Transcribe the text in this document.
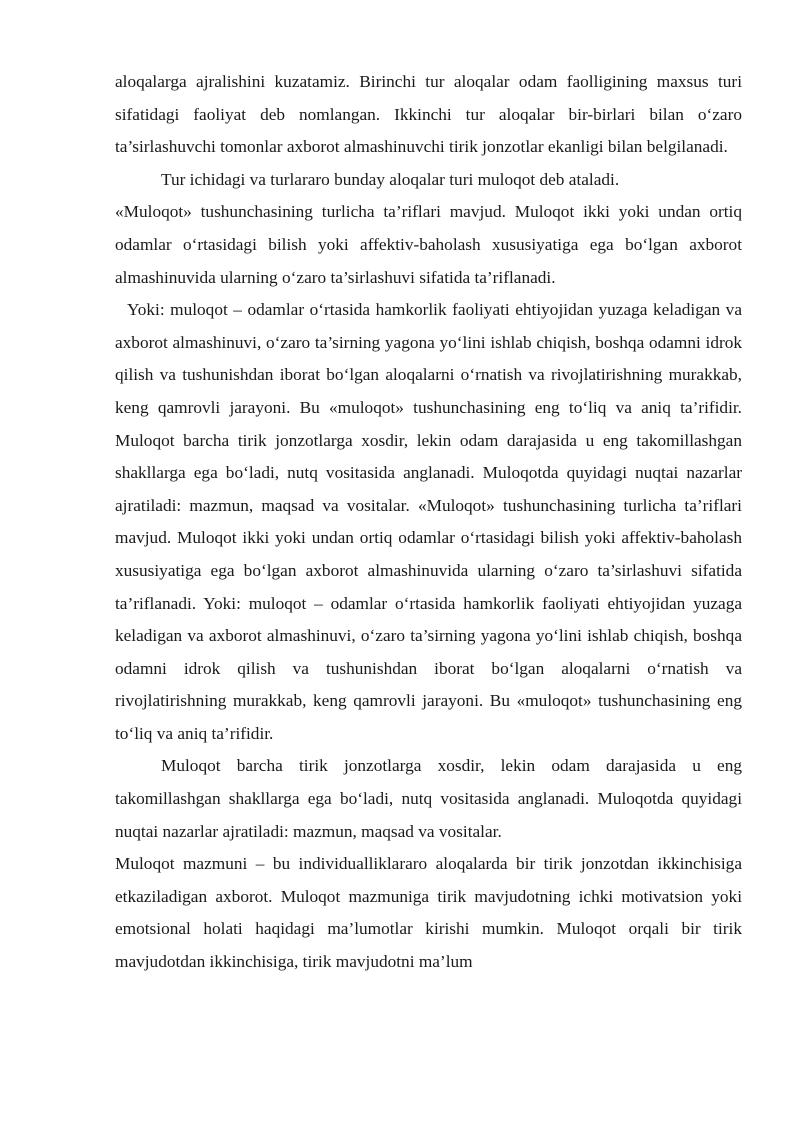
aloqalarga ajralishini kuzatamiz. Birinchi tur aloqalar odam faolligining maxsus turi sifatidagi faoliyat deb nomlangan. Ikkinchi tur aloqalar bir-birlari bilan o‘zaro ta’sirlashuvchi tomonlar axborot almashinuvchi tirik jonzotlar ekanligi bilan belgilanadi.

Tur ichidagi va turlararo bunday aloqalar turi muloqot deb ataladi.

«Muloqot» tushunchasining turlicha ta’riflari mavjud. Muloqot ikki yoki undan ortiq odamlar o‘rtasidagi bilish yoki affektiv-baholash xususiyatiga ega bo‘lgan axborot almashinuvida ularning o‘zaro ta’sirlashuvi sifatida ta’riflanadi.

Yoki: muloqot – odamlar o‘rtasida hamkorlik faoliyati ehtiyojidan yuzaga keladigan va axborot almashinuvi, o‘zaro ta’sirning yagona yo‘lini ishlab chiqish, boshqa odamni idrok qilish va tushunishdan iborat bo‘lgan aloqalarni o‘rnatish va rivojlatirishning murakkab, keng qamrovli jarayoni. Bu «muloqot» tushunchasining eng to‘liq va aniq ta’rifidir. Muloqot barcha tirik jonzotlarga xosdir, lekin odam darajasida u eng takomillashgan shakllarga ega bo‘ladi, nutq vositasida anglanadi. Muloqotda quyidagi nuqtai nazarlar ajratiladi: mazmun, maqsad va vositalar. «Muloqot» tushunchasining turlicha ta’riflari mavjud. Muloqot ikki yoki undan ortiq odamlar o‘rtasidagi bilish yoki affektiv-baholash xususiyatiga ega bo‘lgan axborot almashinuvida ularning o‘zaro ta’sirlashuvi sifatida ta’riflanadi. Yoki: muloqot – odamlar o‘rtasida hamkorlik faoliyati ehtiyojidan yuzaga keladigan va axborot almashinuvi, o‘zaro ta’sirning yagona yo‘lini ishlab chiqish, boshqa odamni idrok qilish va tushunishdan iborat bo‘lgan aloqalarni o‘rnatish va rivojlatirishning murakkab, keng qamrovli jarayoni. Bu «muloqot» tushunchasining eng to‘liq va aniq ta’rifidir.

Muloqot barcha tirik jonzotlarga xosdir, lekin odam darajasida u eng takomillashgan shakllarga ega bo‘ladi, nutq vositasida anglanadi. Muloqotda quyidagi nuqtai nazarlar ajratiladi: mazmun, maqsad va vositalar.

Muloqot mazmuni – bu individualliklararo aloqalarda bir tirik jonzotdan ikkinchisiga etkaziladigan axborot. Muloqot mazmuniga tirik mavjudotning ichki motivatsion yoki emotsional holati haqidagi ma’lumotlar kirishi mumkin. Muloqot orqali bir tirik mavjudotdan ikkinchisiga, tirik mavjudotni ma’lum
